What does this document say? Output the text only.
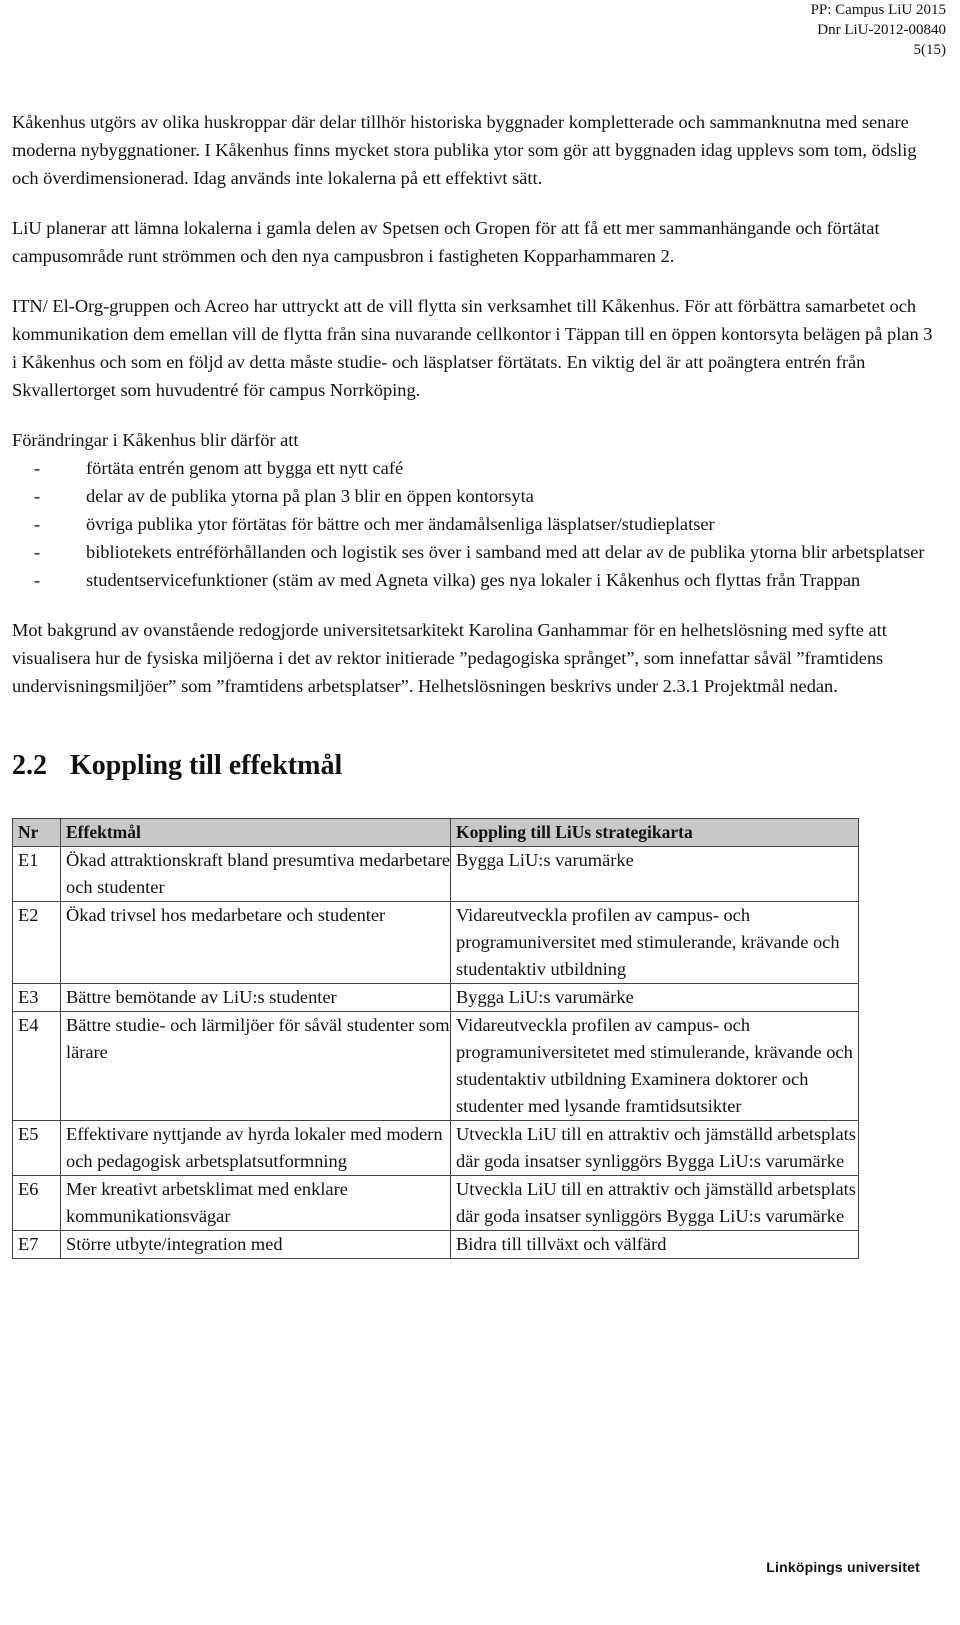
PP: Campus LiU 2015
Dnr LiU-2012-00840
5(15)

Kåkenhus utgörs av olika huskroppar där delar tillhör historiska byggnader kompletterade och sammanknutna med senare moderna nybyggnationer. I Kåkenhus finns mycket stora publika ytor som gör att byggnaden idag upplevs som tom, ödslig och överdimensionerad. Idag används inte lokalerna på ett effektivt sätt.

LiU planerar att lämna lokalerna i gamla delen av Spetsen och Gropen för att få ett mer sammanhängande och förtätat campusområde runt strömmen och den nya campusbron i fastigheten Kopparhammaren 2.

ITN/ El-Org-gruppen och Acreo har uttryckt att de vill flytta sin verksamhet till Kåkenhus. För att förbättra samarbetet och kommunikation dem emellan vill de flytta från sina nuvarande cellkontor i Täppan till en öppen kontorsyta belägen på plan 3 i Kåkenhus och som en följd av detta måste studie- och läsplatser förtätats. En viktig del är att poängtera entrén från Skvallertorget som huvudentré för campus Norrköping.

Förändringar i Kåkenhus blir därför att

- förtäta entrén genom att bygga ett nytt café
- delar av de publika ytorna på plan 3 blir en öppen kontorsyta
- övriga publika ytor förtätas för bättre och mer ändamålsenliga läsplatser/studieplatser
- bibliotekets entréförhållanden och logistik ses över i samband med att delar av de publika ytorna blir arbetsplatser
- studentservicefunktioner (stäm av med Agneta vilka) ges nya lokaler i Kåkenhus och flyttas från Trappan

Mot bakgrund av ovanstående redogjorde universitetsarkitekt Karolina Ganhammar för en helhetslösning med syfte att visualisera hur de fysiska miljöerna i det av rektor initierade ”pedagogiska språnget”, som innefattar såväl ”framtidens undervisningsmiljöer” som ”framtidens arbetsplatser”. Helhetslösningen beskrivs under 2.3.1 Projektmål nedan.

2.2 Koppling till effektmål
Nr	Effektmål	Koppling till LiUs strategikarta
E1	Ökad attraktionskraft bland presumtiva medarbetare och studenter	Bygga LiU:s varumärke
E2	Ökad trivsel hos medarbetare och studenter	Vidareutveckla profilen av campus- och programuniversitet med stimulerande, krävande och studentaktiv utbildning
E3	Bättre bemötande av LiU:s studenter	Bygga LiU:s varumärke
E4	Bättre studie- och lärmiljöer för såväl studenter som lärare	Vidareutveckla profilen av campus- och programuniversitetet med stimulerande, krävande och studentaktiv utbildning Examinera doktorer och studenter med lysande framtidsutsikter
E5	Effektivare nyttjande av hyrda lokaler med modern och pedagogisk arbetsplatsutformning	Utveckla LiU till en attraktiv och jämställd arbetsplats där goda insatser synliggörs Bygga LiU:s varumärke
E6	Mer kreativt arbetsklimat med enklare kommunikationsvägar	Utveckla LiU till en attraktiv och jämställd arbetsplats där goda insatser synliggörs Bygga LiU:s varumärke
E7	Större utbyte/integration med	Bidra till tillväxt och välfärd
Linköpings universitet
